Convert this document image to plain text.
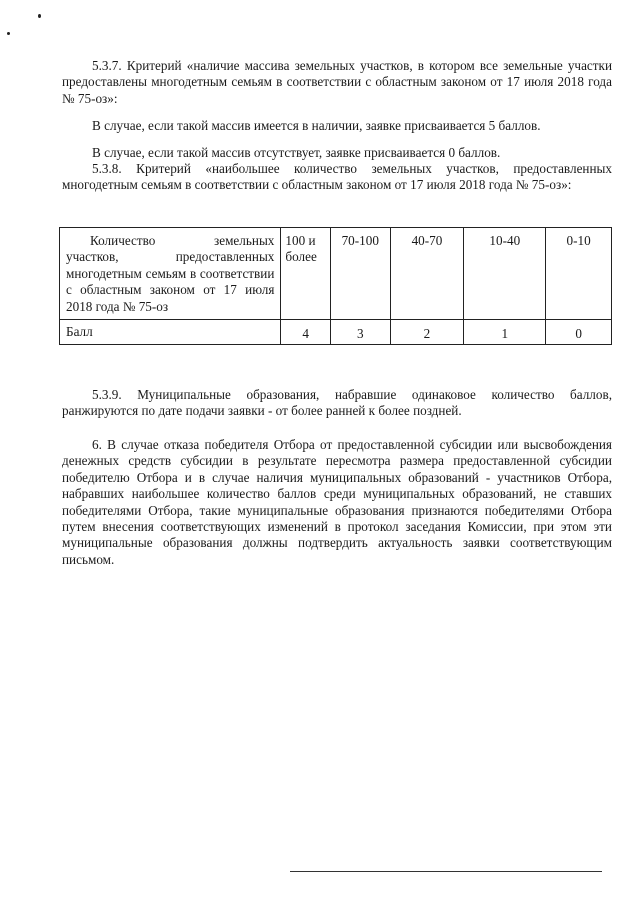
5.3.7. Критерий «наличие массива земельных участков, в котором все земельные участки предоставлены многодетным семьям в соответствии с областным законом от 17 июля 2018 года № 75-оз»:

В случае, если такой массив имеется в наличии, заявке присваивается 5 баллов.

В случае, если такой массив отсутствует, заявке присваивается 0 баллов.

5.3.8. Критерий «наибольшее количество земельных участков, предоставленных многодетным семьям в соответствии с областным законом от 17 июля 2018 года № 75-оз»:

Количество земельных участков, предоставленных многодетным семьям в соответствии с областным законом от 17 июля 2018 года № 75-оз	100 и более	70-100	40-70	10-40	0-10
Балл	4	3	2	1	0

5.3.9. Муниципальные образования, набравшие одинаковое количество баллов, ранжируются по дате подачи заявки - от более ранней к более поздней.

6. В случае отказа победителя Отбора от предоставленной субсидии или высвобождения денежных средств субсидии в результате пересмотра размера предоставленной субсидии победителю Отбора и в случае наличия муниципальных образований - участников Отбора, набравших наибольшее количество баллов среди муниципальных образований, не ставших победителями Отбора, такие муниципальные образования признаются победителями Отбора путем внесения соответствующих изменений в протокол заседания Комиссии, при этом эти муниципальные образования должны подтвердить актуальность заявки соответствующим письмом.
